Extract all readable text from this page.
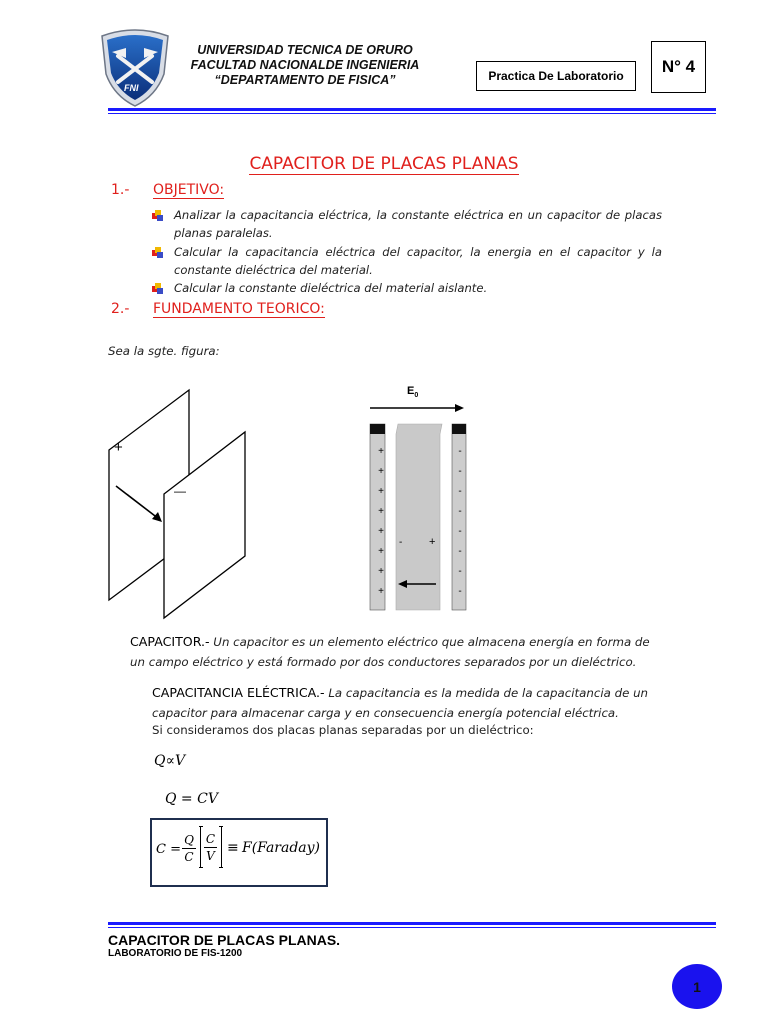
FNI
UNIVERSIDAD TECNICA DE ORURO
FACULTAD NACIONALDE INGENIERIA
“DEPARTAMENTO DE FISICA”	Practica De Laboratorio N° 4
CAPACITOR DE PLACAS PLANAS
1.- OBJETIVO:
Analizar la capacitancia eléctrica, la constante eléctrica en un capacitor de placas planas paralelas.
Calcular la capacitancia eléctrica del capacitor, la energia en el capacitor y la constante dieléctrica del material.
Calcular la constante dieléctrica del material aislante.
2.- FUNDAMENTO TEORICO:
Sea la sgte. figura:
+
—
$E_0$
+
+
+
+
+
+
+
+
-
-
-
-
-
-
-
-
- +
CAPACITOR.- Un capacitor es un elemento eléctrico que almacena energía en forma de un campo eléctrico y está formado por dos conductores separados por un dieléctrico.
CAPACITANCIA ELÉCTRICA.- La capacitancia es la medida de la capacitancia de un capacitor para almacenar carga y en consecuencia energía potencial eléctrica.
Si consideramos dos placas planas separadas por un dieléctrico:
Q∝V
Q = CV
C =
Q
C
C
V ≡ F(Faraday)
CAPACITOR DE PLACAS PLANAS.
LABORATORIO DE FIS-1200
1
